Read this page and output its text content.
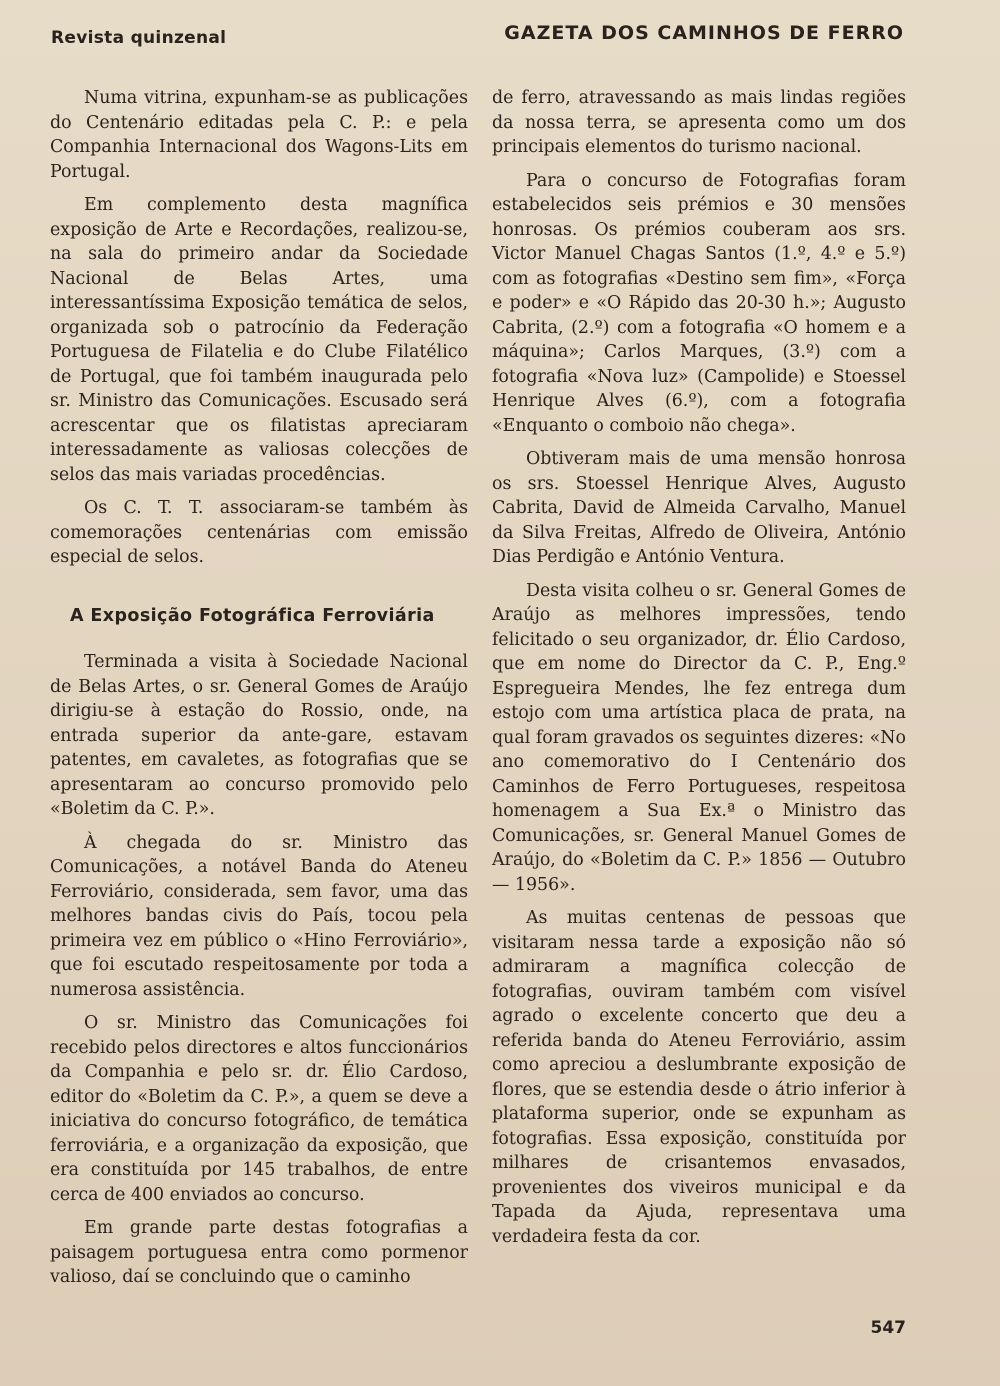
Revista quinzenal	GAZETA DOS CAMINHOS DE FERRO

Numa vitrina, expunham-se as publicações do Centenário editadas pela C. P.: e pela Companhia Internacional dos Wagons-Lits em Portugal.

Em complemento desta magnífica exposição de Arte e Recordações, realizou-se, na sala do primeiro andar da Sociedade Nacional de Belas Artes, uma interessantíssima Exposição temática de selos, organizada sob o patrocínio da Federação Portuguesa de Filatelia e do Clube Filatélico de Portugal, que foi também inaugurada pelo sr. Ministro das Comunicações. Escusado será acrescentar que os filatistas apreciaram interessadamente as valiosas colecções de selos das mais variadas procedências.

Os C. T. T. associaram-se também às comemorações centenárias com emissão especial de selos.

A Exposição Fotográfica Ferroviária

Terminada a visita à Sociedade Nacional de Belas Artes, o sr. General Gomes de Araújo dirigiu-se à estação do Rossio, onde, na entrada superior da ante-gare, estavam patentes, em cavaletes, as fotografias que se apresentaram ao concurso promovido pelo «Boletim da C. P.».

À chegada do sr. Ministro das Comunicações, a notável Banda do Ateneu Ferroviário, considerada, sem favor, uma das melhores bandas civis do País, tocou pela primeira vez em público o «Hino Ferroviário», que foi escutado respeitosamente por toda a numerosa assistência.

O sr. Ministro das Comunicações foi recebido pelos directores e altos funccionários da Companhia e pelo sr. dr. Élio Cardoso, editor do «Boletim da C. P.», a quem se deve a iniciativa do concurso fotográfico, de temática ferroviária, e a organização da exposição, que era constituída por 145 trabalhos, de entre cerca de 400 enviados ao concurso.

Em grande parte destas fotografias a paisagem portuguesa entra como pormenor valioso, daí se concluindo que o caminho

de ferro, atravessando as mais lindas regiões da nossa terra, se apresenta como um dos principais elementos do turismo nacional.

Para o concurso de Fotografias foram estabelecidos seis prémios e 30 mensões honrosas. Os prémios couberam aos srs. Victor Manuel Chagas Santos (1.º, 4.º e 5.º) com as fotografias «Destino sem fim», «Força e poder» e «O Rápido das 20-30 h.»; Augusto Cabrita, (2.º) com a fotografia «O homem e a máquina»; Carlos Marques, (3.º) com a fotografia «Nova luz» (Campolide) e Stoessel Henrique Alves (6.º), com a fotografia «Enquanto o comboio não chega».

Obtiveram mais de uma mensão honrosa os srs. Stoessel Henrique Alves, Augusto Cabrita, David de Almeida Carvalho, Manuel da Silva Freitas, Alfredo de Oliveira, António Dias Perdigão e António Ventura.

Desta visita colheu o sr. General Gomes de Araújo as melhores impressões, tendo felicitado o seu organizador, dr. Élio Cardoso, que em nome do Director da C. P., Eng.º Espregueira Mendes, lhe fez entrega dum estojo com uma artística placa de prata, na qual foram gravados os seguintes dizeres: «No ano comemorativo do I Centenário dos Caminhos de Ferro Portugueses, respeitosa homenagem a Sua Ex.ª o Ministro das Comunicações, sr. General Manuel Gomes de Araújo, do «Boletim da C. P.» 1856 — Outubro — 1956».

As muitas centenas de pessoas que visitaram nessa tarde a exposição não só admiraram a magnífica colecção de fotografias, ouviram também com visível agrado o excelente concerto que deu a referida banda do Ateneu Ferroviário, assim como apreciou a deslumbrante exposição de flores, que se estendia desde o átrio inferior à plataforma superior, onde se expunham as fotografias. Essa exposição, constituída por milhares de crisantemos envasados, provenientes dos viveiros municipal e da Tapada da Ajuda, representava uma verdadeira festa da cor.

547
